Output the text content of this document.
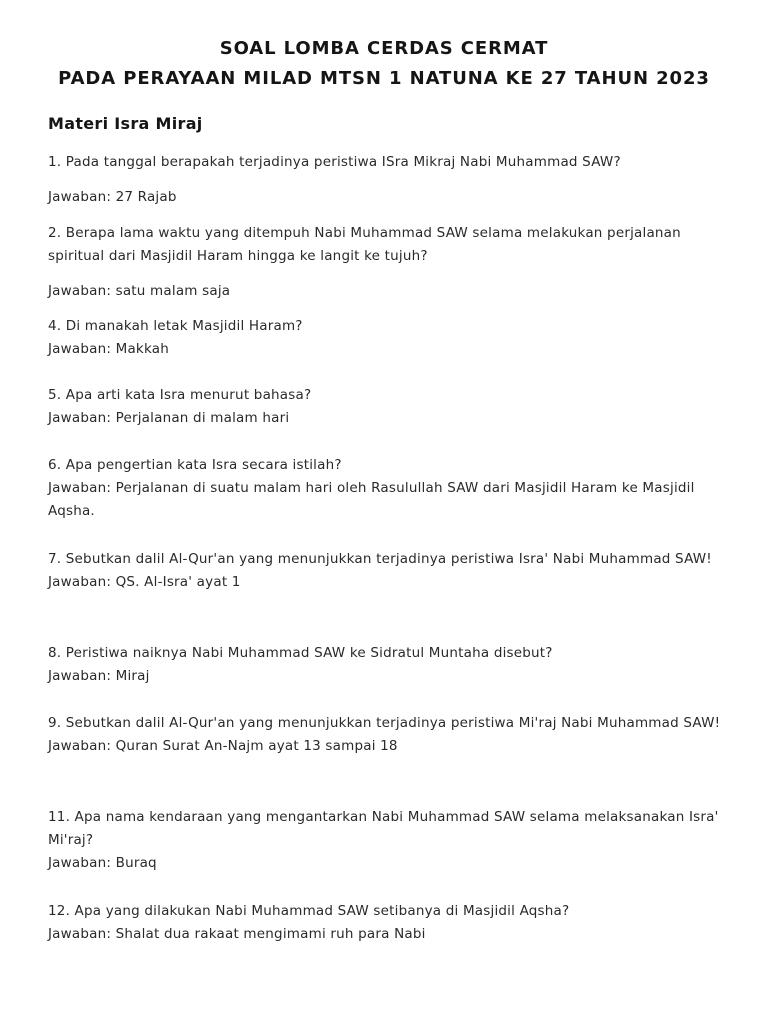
SOAL LOMBA CERDAS CERMAT
PADA PERAYAAN MILAD MTSN 1 NATUNA KE 27 TAHUN 2023
Materi Isra Miraj

1. Pada tanggal berapakah terjadinya peristiwa ISra Mikraj Nabi Muhammad SAW?

Jawaban: 27 Rajab

2. Berapa lama waktu yang ditempuh Nabi Muhammad SAW selama melakukan perjalanan spiritual dari Masjidil Haram hingga ke langit ke tujuh?

Jawaban: satu malam saja

4. Di manakah letak Masjidil Haram?

Jawaban: Makkah

5. Apa arti kata Isra menurut bahasa?

Jawaban: Perjalanan di malam hari

6. Apa pengertian kata Isra secara istilah?

Jawaban: Perjalanan di suatu malam hari oleh Rasulullah SAW dari Masjidil Haram ke Masjidil Aqsha.

7. Sebutkan dalil Al-Qur'an yang menunjukkan terjadinya peristiwa Isra' Nabi Muhammad SAW!

Jawaban: QS. Al-Isra' ayat 1

8. Peristiwa naiknya Nabi Muhammad SAW ke Sidratul Muntaha disebut?

Jawaban: Miraj

9. Sebutkan dalil Al-Qur'an yang menunjukkan terjadinya peristiwa Mi'raj Nabi Muhammad SAW!

Jawaban: Quran Surat An-Najm ayat 13 sampai 18

11. Apa nama kendaraan yang mengantarkan Nabi Muhammad SAW selama melaksanakan Isra' Mi'raj?

Jawaban: Buraq

12. Apa yang dilakukan Nabi Muhammad SAW setibanya di Masjidil Aqsha?

Jawaban: Shalat dua rakaat mengimami ruh para Nabi
